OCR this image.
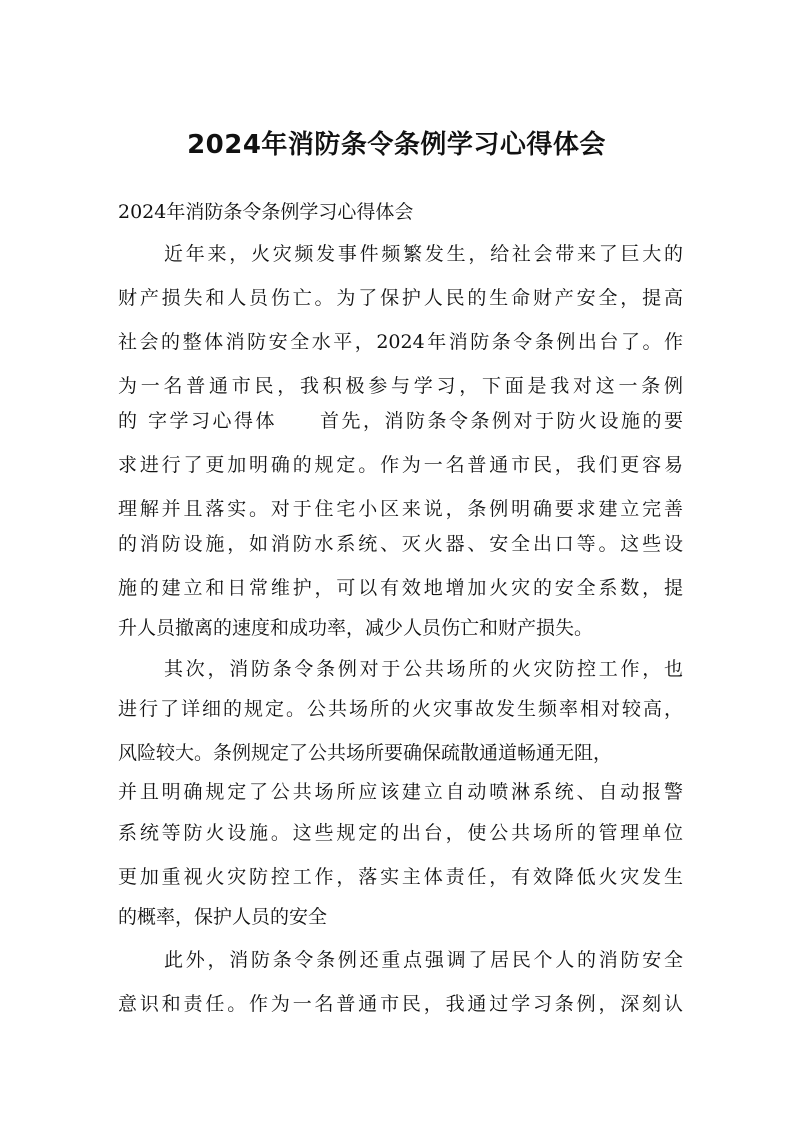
2024年消防条令条例学习心得体会
2024年消防条令条例学习心得体会
近年来，火灾频发事件频繁发生，给社会带来了巨大的
财产损失和人员伤亡。为了保护人民的生命财产安全，提高
社会的整体消防安全水平，2024年消防条令条例出台了。作
为一名普通市民，我积极参与学习，下面是我对这一条例
的 字学习心得体　　首先，消防条令条例对于防火设施的要
求进行了更加明确的规定。作为一名普通市民，我们更容易
理解并且落实。对于住宅小区来说，条例明确要求建立完善
的消防设施，如消防水系统、灭火器、安全出口等。这些设
施的建立和日常维护，可以有效地增加火灾的安全系数，提
升人员撤离的速度和成功率，减少人员伤亡和财产损失。
其次，消防条令条例对于公共场所的火灾防控工作，也
进行了详细的规定。公共场所的火灾事故发生频率相对较高，
风险较大。条例规定了公共场所要确保疏散通道畅通无阻，
并且明确规定了公共场所应该建立自动喷淋系统、自动报警
系统等防火设施。这些规定的出台，使公共场所的管理单位
更加重视火灾防控工作，落实主体责任，有效降低火灾发生
的概率，保护人员的安全
此外，消防条令条例还重点强调了居民个人的消防安全
意识和责任。作为一名普通市民，我通过学习条例，深刻认
